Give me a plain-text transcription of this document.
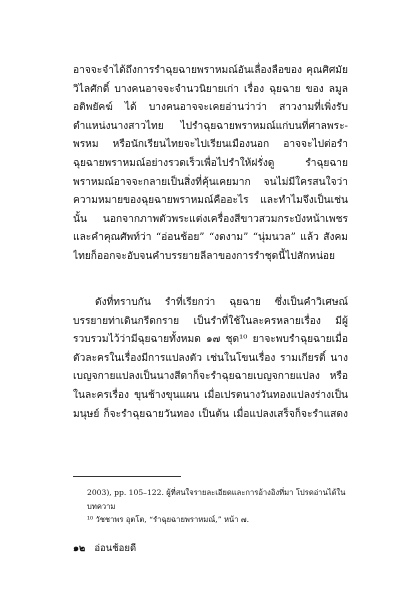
อาจจะจำได้ถึงการรำฉุยฉายพราหมณ์อันเลื่องลือของ คุณศิศมัย
วิไลศักดิ์ บางคนอาจจะจำนวนิยายเก่า เรื่อง ฉุยฉาย ของ ลมูล
อติพยัคฆ์ ได้ บางคนอาจจะเคยอ่านว่าว่า สาวงามที่เพิ่งรับ
ตำแหน่งนางสาวไทย ไปรำฉุยฉายพราหมณ์แก่บนที่ศาลพระ-
พรหม หรือนักเรียนไทยจะไปเรียนเมืองนอก อาจจะไปต่อรำ
ฉุยฉายพราหมณ์อย่างรวดเร็วเพื่อไปรำให้ฝรั่งดู รำฉุยฉาย
พราหมณ์อาจจะกลายเป็นสิ่งที่คุ้นเคยมาก จนไม่มีใครสนใจว่า
ความหมายของฉุยฉายพราหมณ์คืออะไร และทำไมจึงเป็นเช่น
นั้น นอกจากภาพตัวพระแต่งเครื่องสีขาวสวมกระบังหน้าเพชร
และคำคุณศัพท์ว่า “อ่อนช้อย” “งดงาม” “นุ่มนวล” แล้ว สังคม
ไทยก็ออกจะอับจนคำบรรยายลีลาของการรำชุดนี้ไปสักหน่อย
ดังที่ทราบกัน รำที่เรียกว่า ฉุยฉาย ซึ่งเป็นคำวิเศษณ์
บรรยายท่าเดินกรีดกราย เป็นรำที่ใช้ในละครหลายเรื่อง มีผู้
รวบรวมไว้ว่ามีฉุยฉายทั้งหมด ๑๗ ชุด¹⁰ ยาจะพบรำฉุยฉายเมื่อ
ตัวละครในเรื่องมีการแปลงตัว เช่นในโขนเรื่อง รามเกียรติ์ นาง
เบญจกายแปลงเป็นนางสีดาก็จะรำฉุยฉายเบญจกายแปลง หรือ
ในละครเรื่อง ขุนช้างขุนแผน เมื่อเปรตนางวันทองแปลงร่างเป็น
มนุษย์ ก็จะรำฉุยฉายวันทอง เป็นต้น เมื่อแปลงเสร็จก็จะรำแสดง
2003), pp. 105–122. ผู้ที่สนใจรายละเอียดและการอ้างอิงที่มา โปรดอ่านได้ใน
บทความ
¹⁰ วัชชาพร อุตโต, “รำฉุยฉายพราหมณ์,” หน้า ๗.
๑๒ อ่อนช้อยดี
